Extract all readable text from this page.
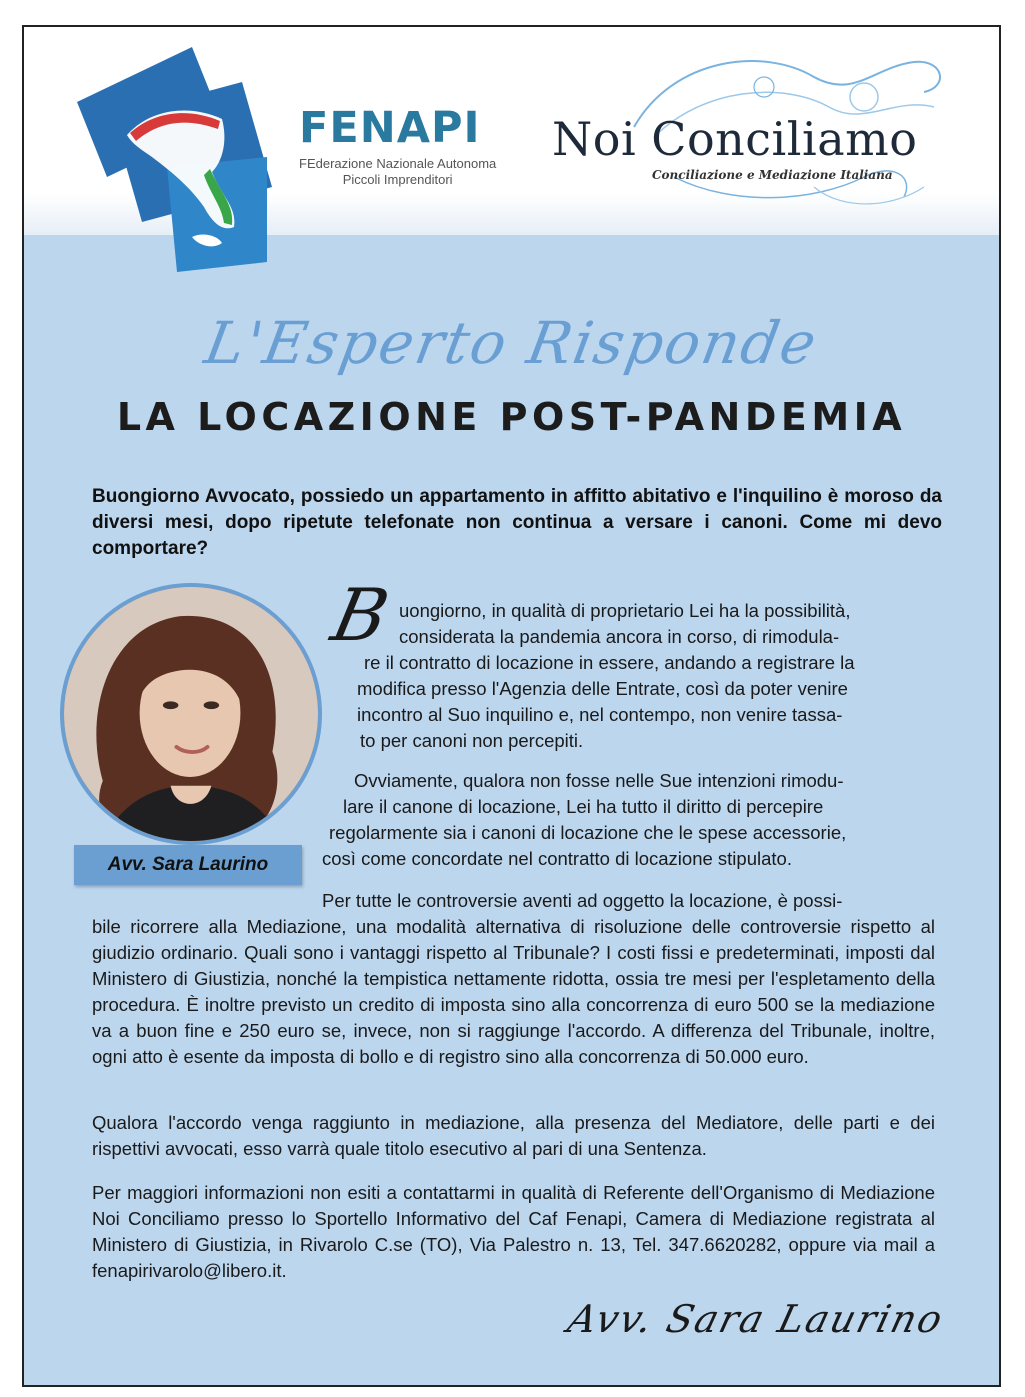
FENAPI
FEderazione Nazionale Autonoma
Piccoli Imprenditori
Noi Conciliamo
Conciliazione e Mediazione Italiana
L'Esperto Risponde
LA LOCAZIONE POST-PANDEMIA
Buongiorno Avvocato, possiedo un appartamento in affitto abitativo e l'inquilino è moroso da diversi mesi, dopo ripetute telefonate non continua a versare i canoni. Come mi devo comportare?
Avv. Sara Laurino
B uongiorno, in qualità di proprietario Lei ha la possibilità,
considerata la pandemia ancora in corso, di rimodula-
re il contratto di locazione in essere, andando a registrare la
modifica presso l'Agenzia delle Entrate, così da poter venire
incontro al Suo inquilino e, nel contempo, non venire tassa-
to per canoni non percepiti.
Ovviamente, qualora non fosse nelle Sue intenzioni rimodu-
lare il canone di locazione, Lei ha tutto il diritto di percepire
regolarmente sia i canoni di locazione che le spese accessorie,
così come concordate nel contratto di locazione stipulato.
Per tutte le controversie aventi ad oggetto la locazione, è possi-
bile ricorrere alla Mediazione, una modalità alternativa di risoluzione delle controversie rispetto al giudizio ordinario. Quali sono i vantaggi rispetto al Tribunale? I costi fissi e predeterminati, imposti dal Ministero di Giustizia, nonché la tempistica nettamente ridotta, ossia tre mesi per l'espletamento della procedura. È inoltre previsto un credito di imposta sino alla concorrenza di euro 500 se la mediazione va a buon fine e 250 euro se, invece, non si raggiunge l'accordo. A differenza del Tribunale, inoltre, ogni atto è esente da imposta di bollo e di registro sino alla concorrenza di 50.000 euro.
Qualora l'accordo venga raggiunto in mediazione, alla presenza del Mediatore, delle parti e dei rispettivi avvocati, esso varrà quale titolo esecutivo al pari di una Sentenza.
Per maggiori informazioni non esiti a contattarmi in qualità di Referente dell'Organismo di Mediazione Noi Conciliamo presso lo Sportello Informativo del Caf Fenapi, Camera di Mediazione registrata al Ministero di Giustizia, in Rivarolo C.se (TO), Via Palestro n. 13, Tel. 347.6620282, oppure via mail a fenapirivarolo@libero.it.
Avv. Sara Laurino
